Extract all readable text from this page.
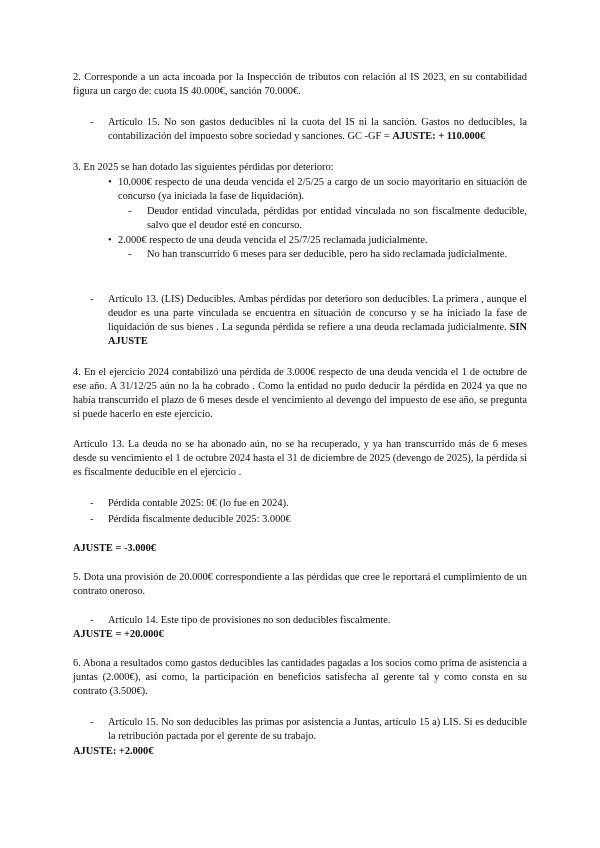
2. Corresponde a un acta incoada por la Inspección de tributos con relación al IS 2023, en su contabilidad figura un cargo de: cuota IS 40.000€, sanción 70.000€.

- Artículo 15. No son gastos deducibles ni la cuota del IS ni la sanción. Gastos no deducibles, la contabilización del impuesto sobre sociedad y sanciones. GC -GF = AJUSTE: + 110.000€

3. En 2025 se han dotado las siguientes pérdidas por deterioro:

• 10.000€ respecto de una deuda vencida el 2/5/25 a cargo de un socio mayoritario en situación de concurso (ya iniciada la fase de liquidación).

- Deudor entidad vinculada, pérdidas por entidad vinculada no son fiscalmente deducible, salvo que el deudor esté en concurso.

• 2.000€ respecto de una deuda vencida el 25/7/25 reclamada judicialmente.

- No han transcurrido 6 meses para ser deducible, pero ha sido reclamada judicialmente.

- Artículo 13. (LIS) Deducibles. Ambas pérdidas por deterioro son deducibles. La primera , aunque el deudor es una parte vinculada se encuentra en situación de concurso y se ha iniciado la fase de liquidación de sus bienes . La segunda pérdida se refiere a una deuda reclamada judicialmente. SIN AJUSTE

4. En el ejercicio 2024 contabilizó una pérdida de 3.000€ respecto de una deuda vencida el 1 de octubre de ese año. A 31/12/25 aún no la ha cobrado . Como la entidad no pudo deducir la pérdida en 2024 ya que no había transcurrido el plazo de 6 meses desde el vencimiento al devengo del impuesto de ese año, se pregunta si puede hacerlo en este ejercicio.

Artículo 13. La deuda no se ha abonado aún, no se ha recuperado, y ya han transcurrido más de 6 meses desde su vencimiento el 1 de octubre 2024 hasta el 31 de diciembre de 2025 (devengo de 2025), la pérdida si es fiscalmente deducible en el ejercicio .

- Pérdida contable 2025: 0€ (lo fue en 2024).

- Pérdida fiscalmente deducible 2025: 3.000€

AJUSTE = -3.000€

5. Dota una provisión de 20.000€ correspondiente a las pérdidas que cree le reportará el cumplimiento de un contrato oneroso.

- Artículo 14. Este tipo de provisiones no son deducibles fiscalmente.

AJUSTE = +20.000€

6. Abona a resultados como gastos deducibles las cantidades pagadas a los socios como prima de asistencia a juntas (2.000€), así como, la participación en beneficios satisfecha al gerente tal y como consta en su contrato (3.500€).

- Artículo 15. No son deducibles las primas por asistencia a Juntas, artículo 15 a) LIS. Si es deducible la retribución pactada por el gerente de su trabajo.

AJUSTE: +2.000€
